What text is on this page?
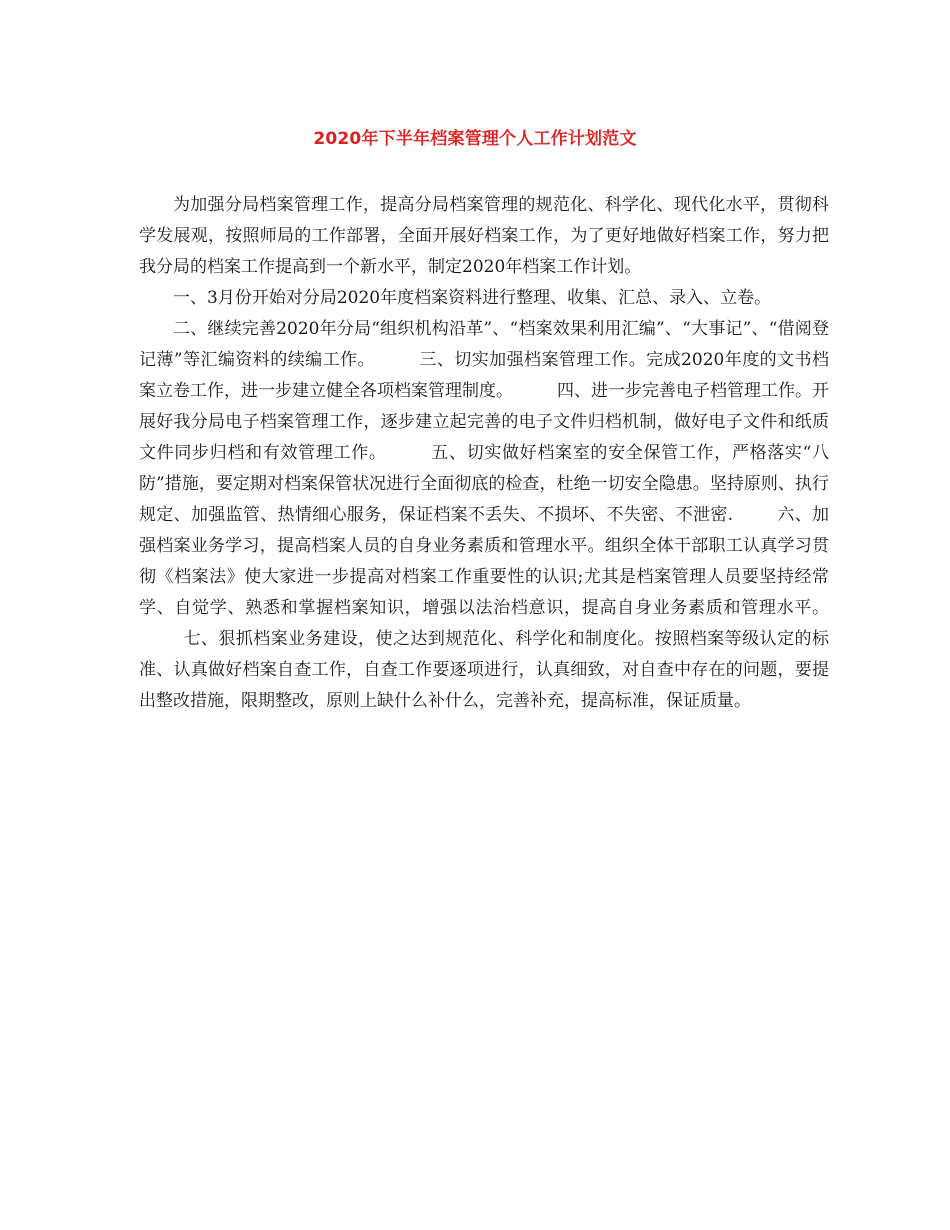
2020年下半年档案管理个人工作计划范文

为加强分局档案管理工作，提高分局档案管理的规范化、科学化、现代化水平，贯彻科学发展观，按照师局的工作部署，全面开展好档案工作，为了更好地做好档案工作，努力把我分局的档案工作提高到一个新水平，制定2020年档案工作计划。

一、3月份开始对分局2020年度档案资料进行整理、收集、汇总、录入、立卷。

二、继续完善2020年分局“组织机构沿革”、“档案效果利用汇编”、“大事记”、“借阅登记薄”等汇编资料的续编工作。	三、切实加强档案管理工作。完成2020年度的文书档案立卷工作，进一步建立健全各项档案管理制度。	四、进一步完善电子档管理工作。开展好我分局电子档案管理工作，逐步建立起完善的电子文件归档机制，做好电子文件和纸质文件同步归档和有效管理工作。	五、切实做好档案室的安全保管工作，严格落实“八防”措施，要定期对档案保管状况进行全面彻底的检查，杜绝一切安全隐患。坚持原则、执行规定、加强监管、热情细心服务，保证档案不丢失、不损坏、不失密、不泄密.	六、加强档案业务学习，提高档案人员的自身业务素质和管理水平。组织全体干部职工认真学习贯彻《档案法》使大家进一步提高对档案工作重要性的认识;尤其是档案管理人员要坚持经常学、自觉学、熟悉和掌握档案知识，增强以法治档意识，提高自身业务素质和管理水平。七、狠抓档案业务建设，使之达到规范化、科学化和制度化。按照档案等级认定的标准、认真做好档案自查工作，自查工作要逐项进行，认真细致，对自查中存在的问题，要提出整改措施，限期整改，原则上缺什么补什么，完善补充，提高标准，保证质量。
